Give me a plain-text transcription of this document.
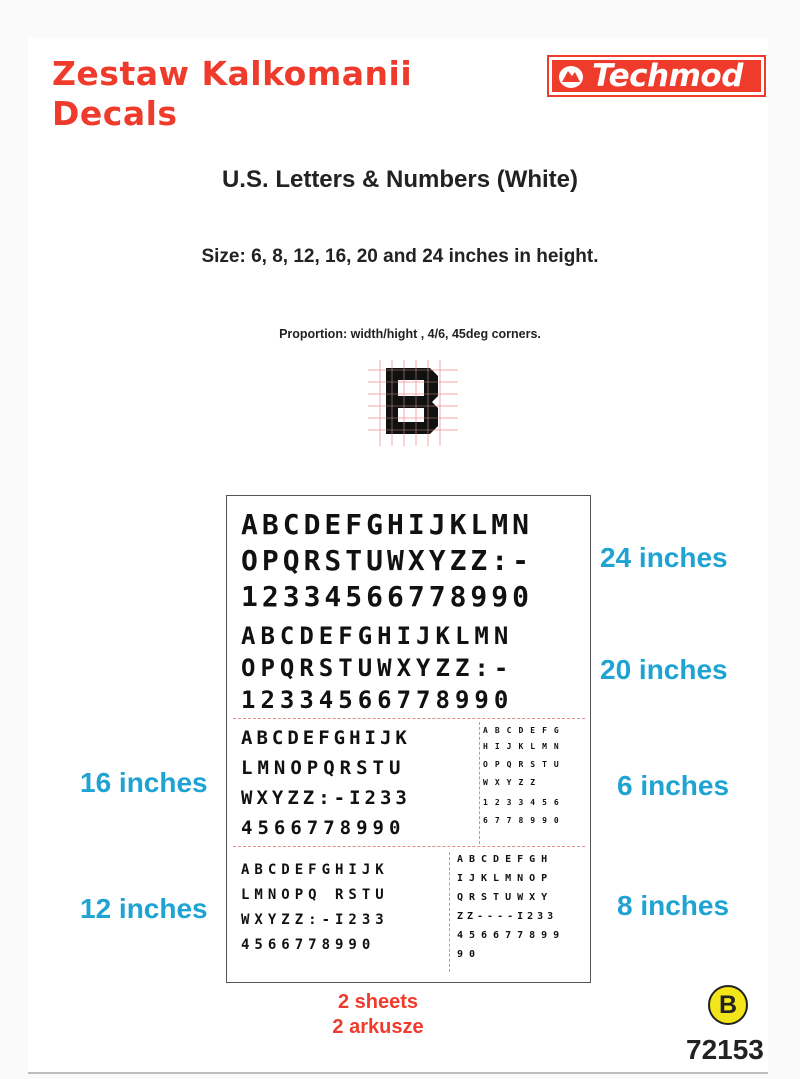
Zestaw Kalkomanii
Decals
Techmod
U.S. Letters & Numbers (White)
Size: 6, 8, 12, 16, 20 and 24 inches in height.
Proportion: width/hight , 4/6, 45deg corners.
ABCDEFGHIJKLMN
OPQRSTUWXYZZ:-
12334566778990
ABCDEFGHIJKLMN
OPQRSTUWXYZZ:-
12334566778990
ABCDEFGHIJK
LMNOPQRSTU
WXYZZ:-I233
4566778990
ABCDEFG
HIJKLMN
OPQRSTU
WXYZZ
1233456
6778990
ABCDEFGHIJK
LMNOPQ RSTU
WXYZZ:-I233
4566778990
ABCDEFGH
IJKLMNOP
QRSTUWXY
ZZ----I233
456677899
90
24 inches
20 inches
16 inches	6 inches
12 inches	8 inches
2 sheets
2 arkusze
B
72153
